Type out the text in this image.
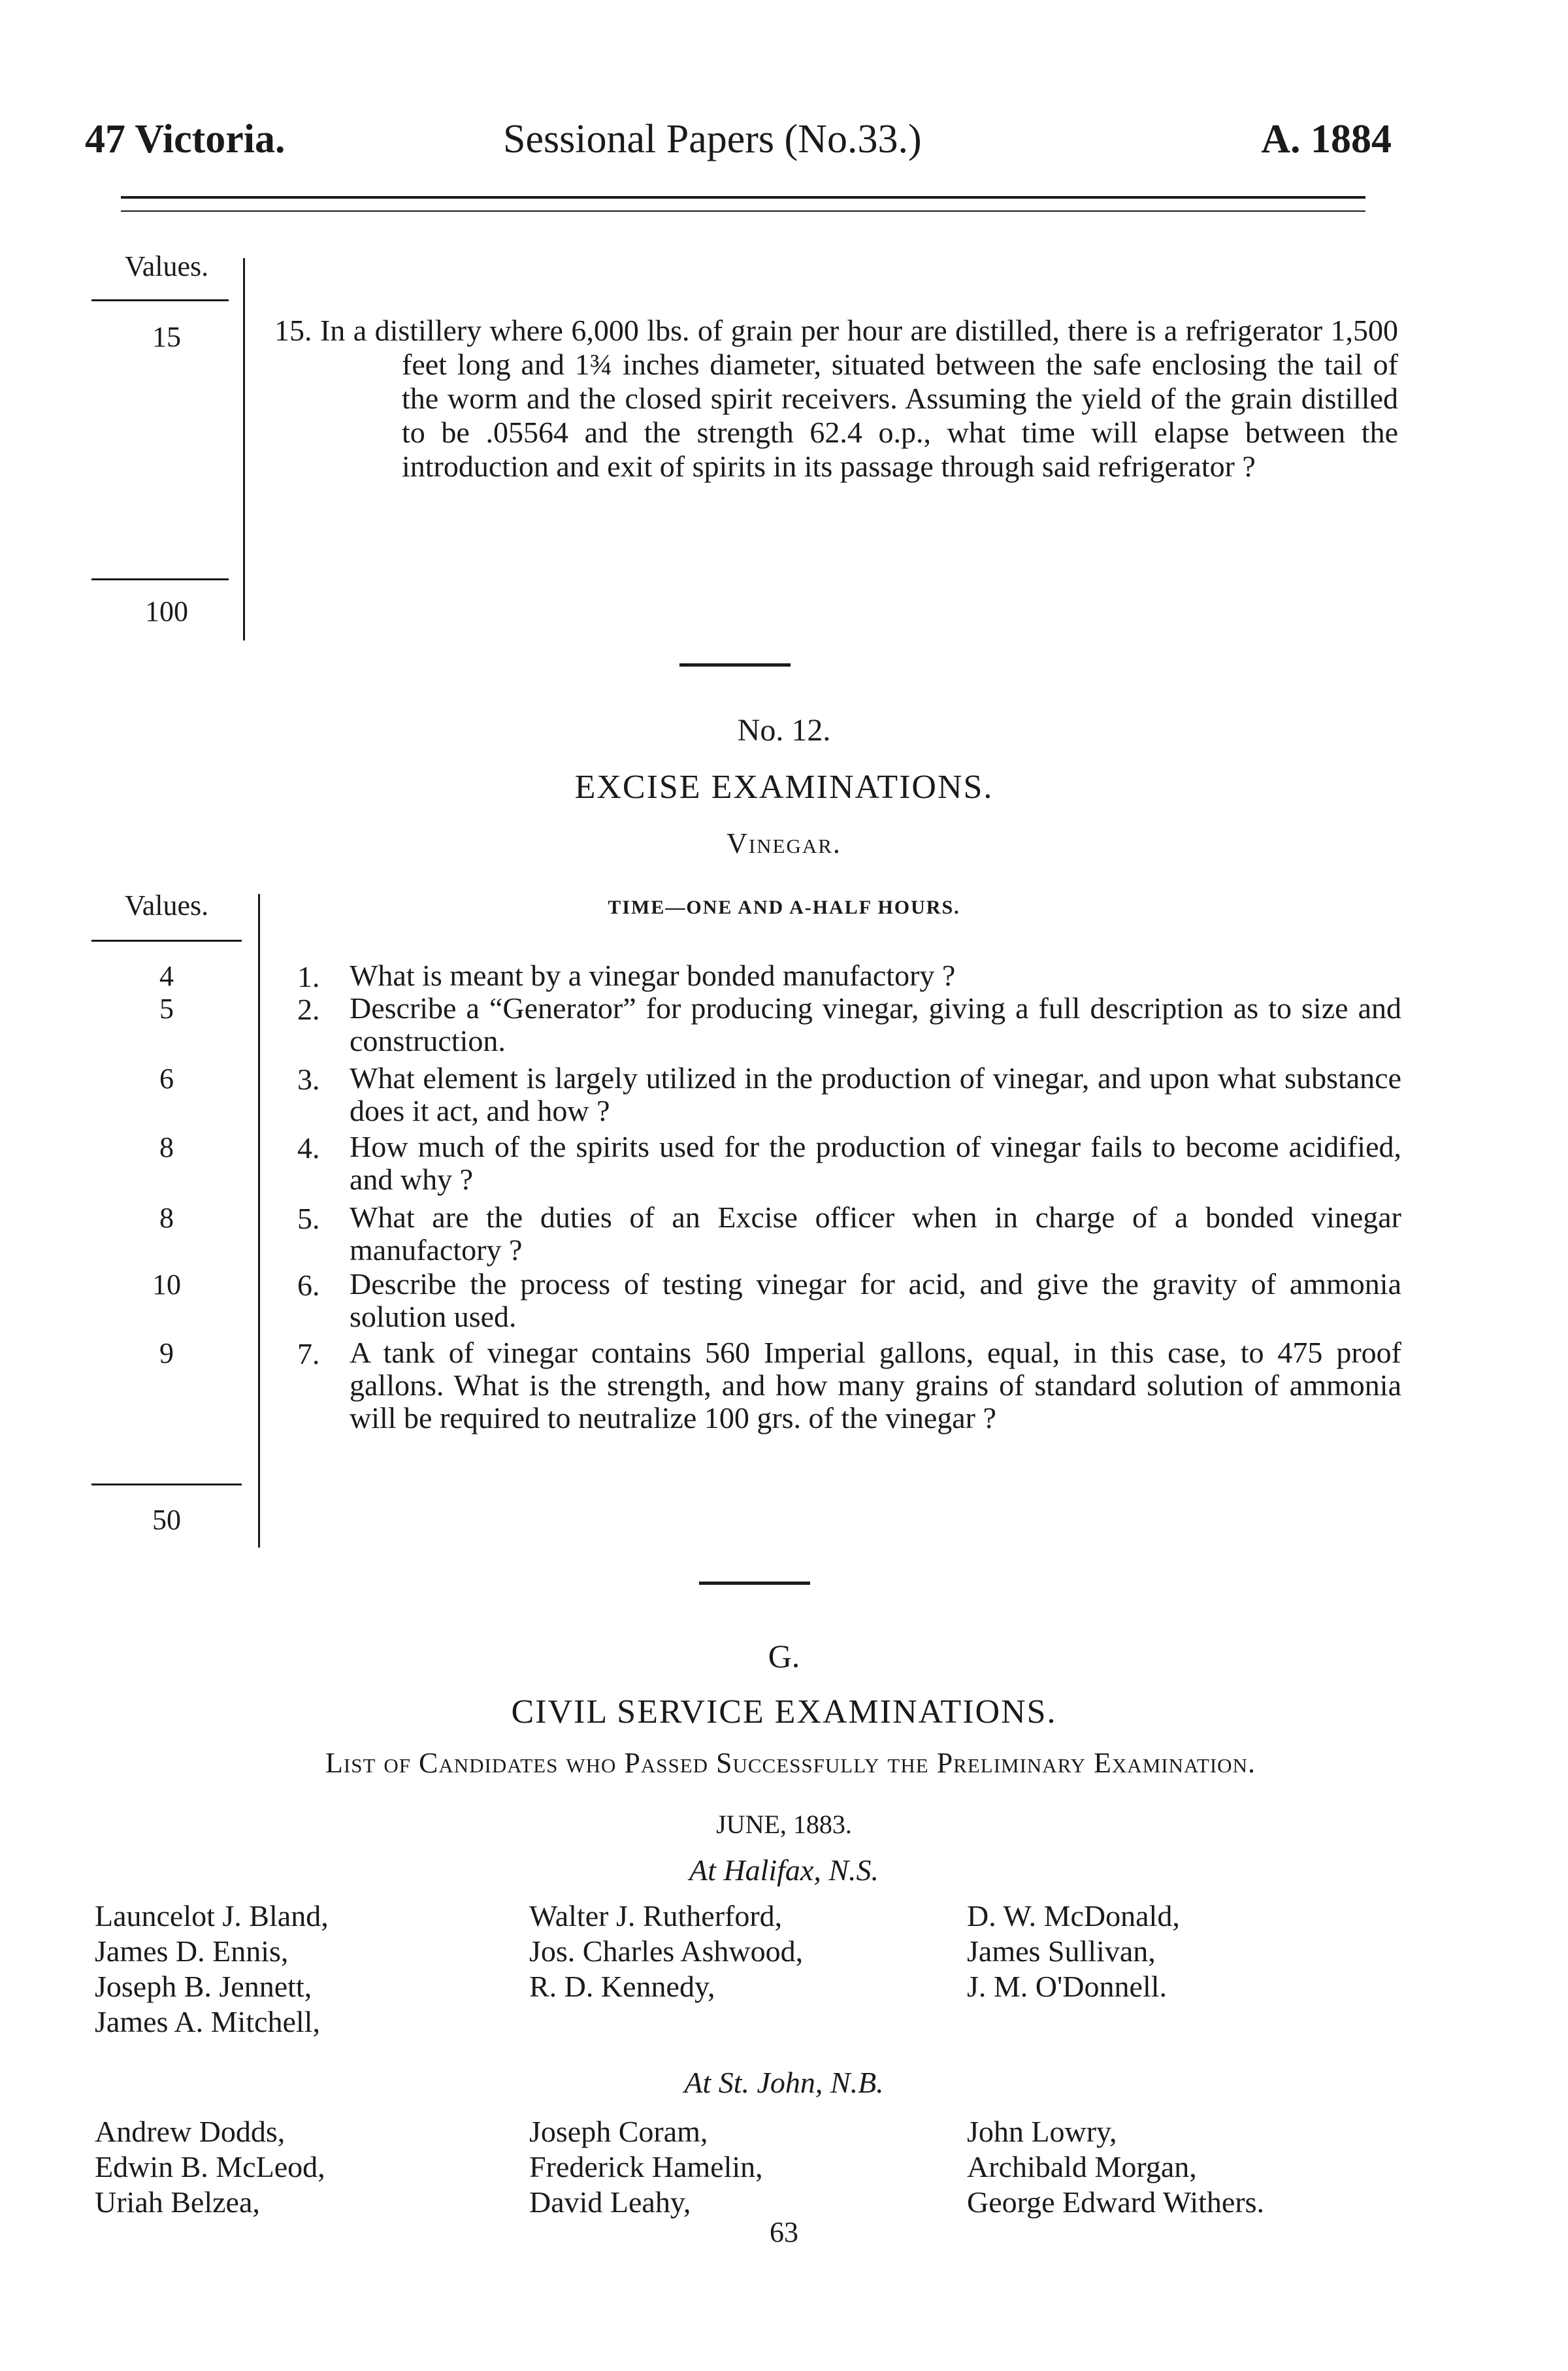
47 Victoria.	Sessional Papers (No.33.)	A. 1884
Values.
15
100
15. In a distillery where 6,000 lbs. of grain per hour are distilled, there is a refrigerator 1,500 feet long and 1¾ inches diameter, situated between the safe enclosing the tail of the worm and the closed spirit receivers. Assuming the yield of the grain distilled to be .05564 and the strength 62.4 o.p., what time will elapse between the introduction and exit of spirits in its passage through said refrigerator ?
No. 12.
EXCISE EXAMINATIONS.
Vinegar.
TIME—ONE AND A-HALF HOURS.
Values.
4
5
6
8
8
10
9
50
1. What is meant by a vinegar bonded manufactory ?
2. Describe a “Generator” for producing vinegar, giving a full description as to size and construction.
3. What element is largely utilized in the production of vinegar, and upon what substance does it act, and how ?
4. How much of the spirits used for the production of vinegar fails to become acidified, and why ?
5. What are the duties of an Excise officer when in charge of a bonded vinegar manufactory ?
6. Describe the process of testing vinegar for acid, and give the gravity of ammonia solution used.
7. A tank of vinegar contains 560 Imperial gallons, equal, in this case, to 475 proof gallons. What is the strength, and how many grains of standard solution of ammonia will be required to neutralize 100 grs. of the vinegar ?
G.
CIVIL SERVICE EXAMINATIONS.
List of Candidates who Passed Successfully the Preliminary Examination.
JUNE, 1883.
At Halifax, N.S.
Launcelot J. Bland,
James D. Ennis,
Joseph B. Jennett,
James A. Mitchell,
Walter J. Rutherford,
Jos. Charles Ashwood,
R. D. Kennedy,
D. W. McDonald,
James Sullivan,
J. M. O'Donnell.
At St. John, N.B.
Andrew Dodds,
Edwin B. McLeod,
Uriah Belzea,
Joseph Coram,
Frederick Hamelin,
David Leahy,
John Lowry,
Archibald Morgan,
George Edward Withers.
63
